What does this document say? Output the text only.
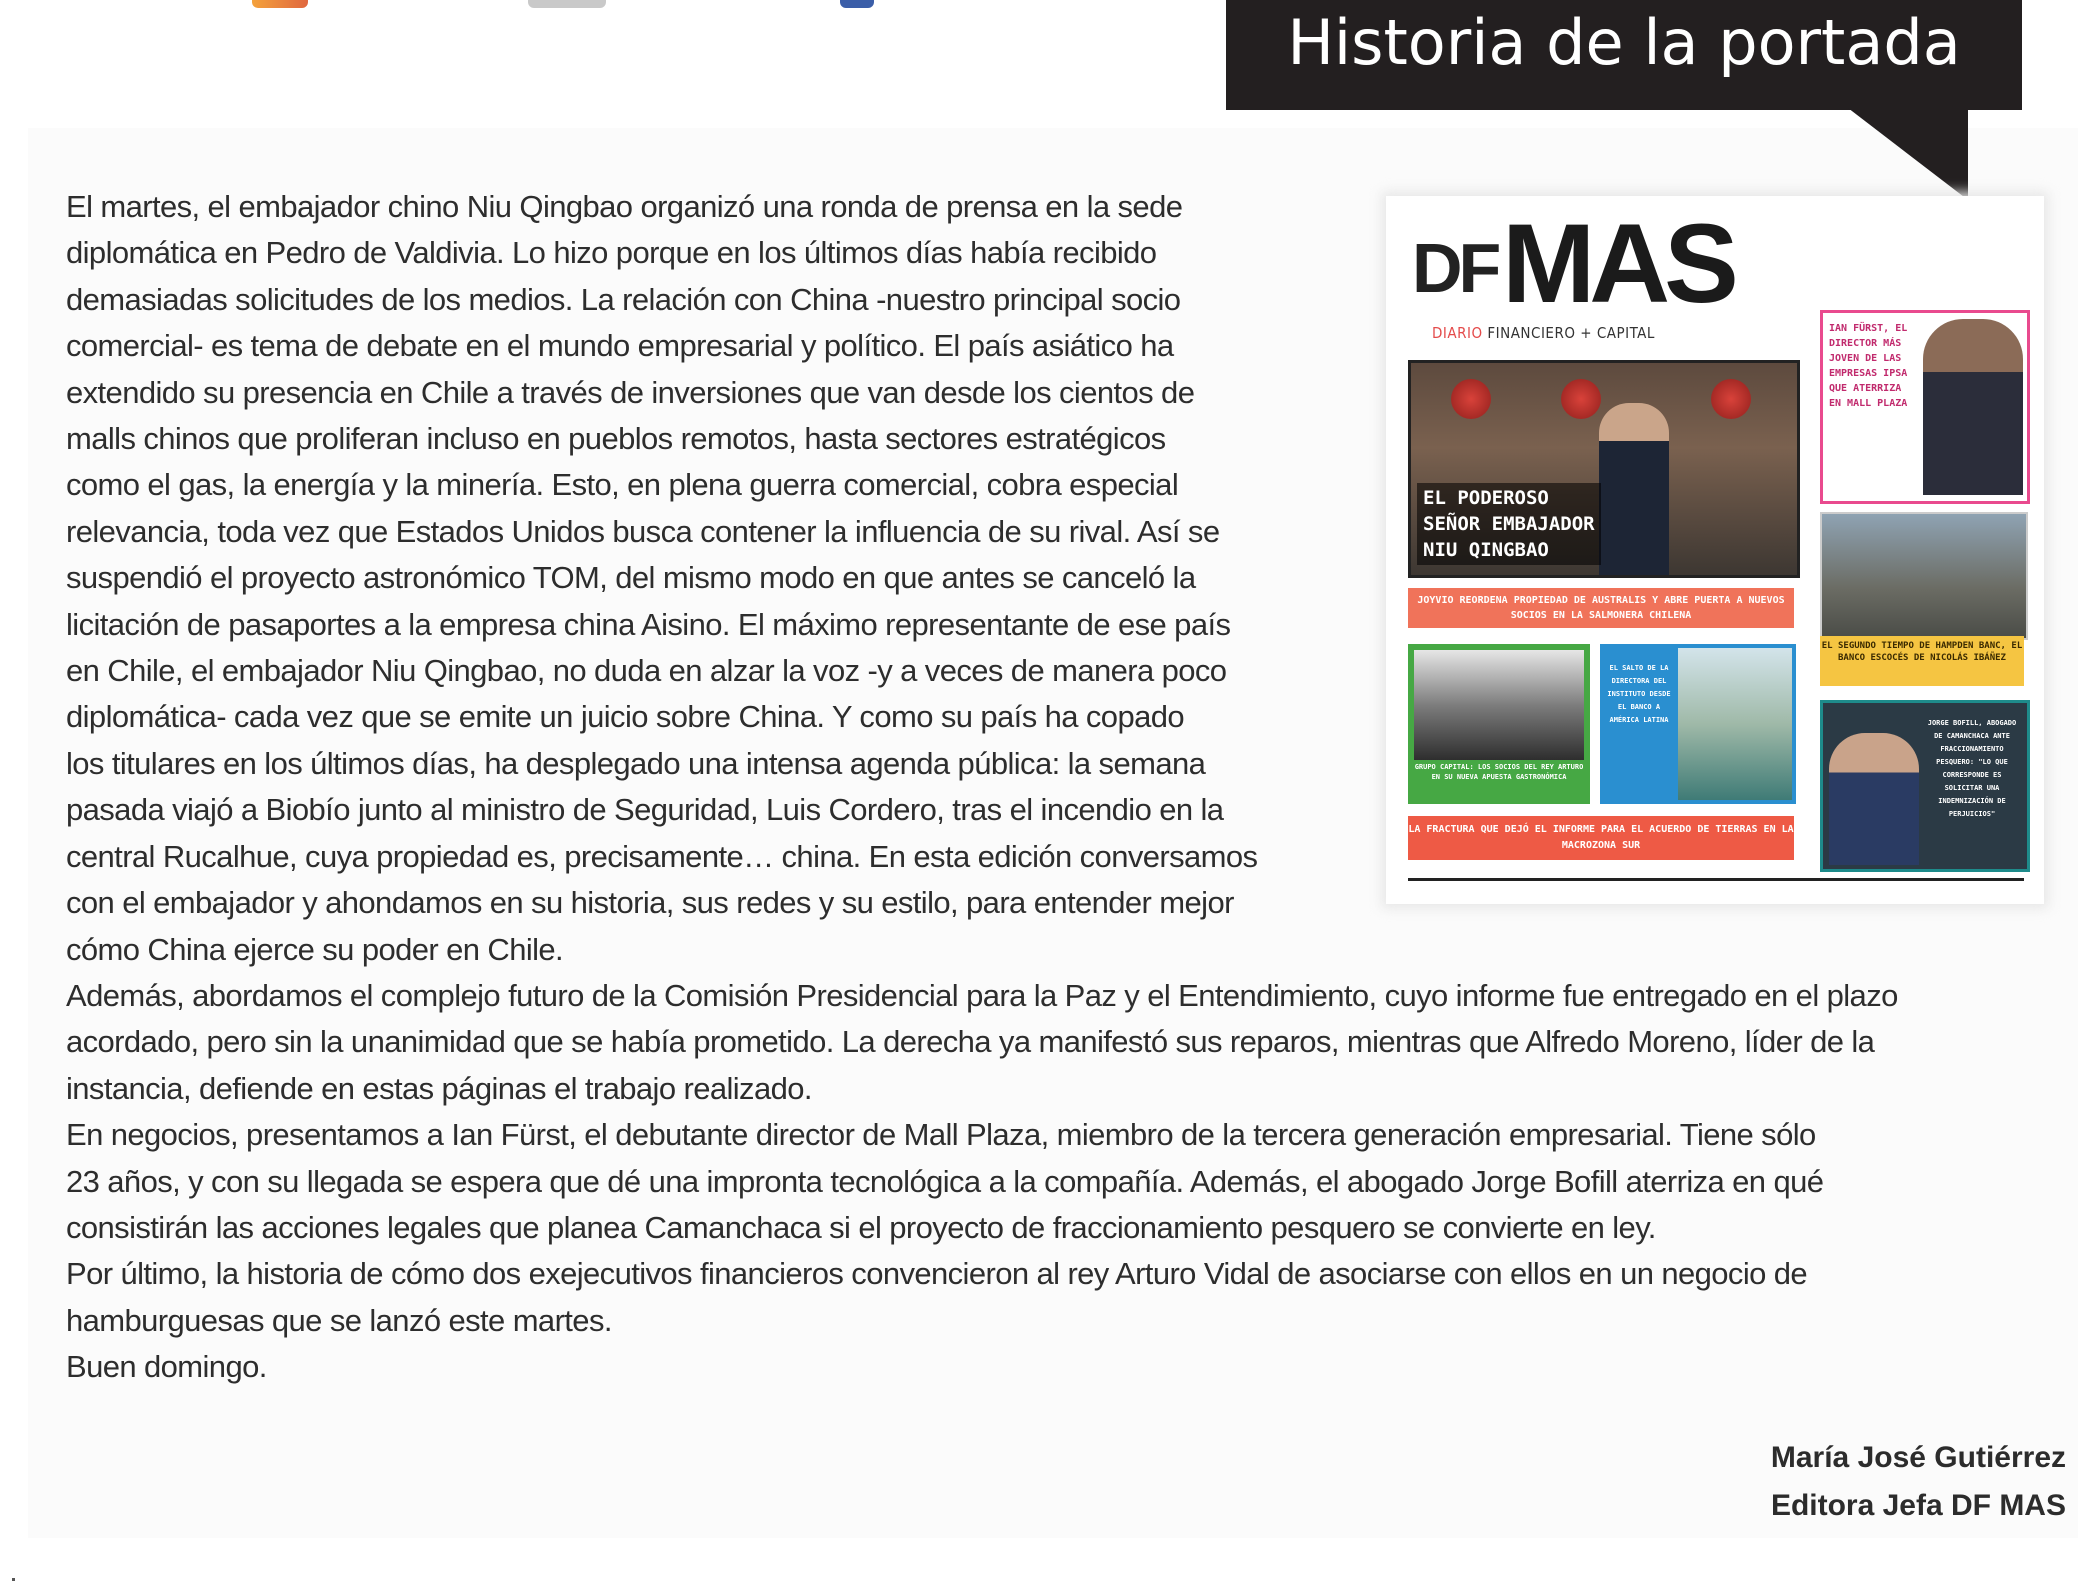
Historia de la portada
El martes, el embajador chino Niu Qingbao organizó una ronda de prensa en la sede
diplomática en Pedro de Valdivia. Lo hizo porque en los últimos días había recibido
demasiadas solicitudes de los medios. La relación con China -nuestro principal socio
comercial- es tema de debate en el mundo empresarial y político. El país asiático ha
extendido su presencia en Chile a través de inversiones que van desde los cientos de
malls chinos que proliferan incluso en pueblos remotos, hasta sectores estratégicos
como el gas, la energía y la minería. Esto, en plena guerra comercial, cobra especial
relevancia, toda vez que Estados Unidos busca contener la influencia de su rival. Así se
suspendió el proyecto astronómico TOM, del mismo modo en que antes se canceló la
licitación de pasaportes a la empresa china Aisino. El máximo representante de ese país
en Chile, el embajador Niu Qingbao, no duda en alzar la voz -y a veces de manera poco
diplomática- cada vez que se emite un juicio sobre China. Y como su país ha copado
los titulares en los últimos días, ha desplegado una intensa agenda pública: la semana
pasada viajó a Biobío junto al ministro de Seguridad, Luis Cordero, tras el incendio en la
central Rucalhue, cuya propiedad es, precisamente… china. En esta edición conversamos
con el embajador y ahondamos en su historia, sus redes y su estilo, para entender mejor
cómo China ejerce su poder en Chile.
Además, abordamos el complejo futuro de la Comisión Presidencial para la Paz y el Entendimiento, cuyo informe fue entregado en el plazo
acordado, pero sin la unanimidad que se había prometido. La derecha ya manifestó sus reparos, mientras que Alfredo Moreno, líder de la
instancia, defiende en estas páginas el trabajo realizado.
En negocios, presentamos a Ian Fürst, el debutante director de Mall Plaza, miembro de la tercera generación empresarial. Tiene sólo
23 años, y con su llegada se espera que dé una impronta tecnológica a la compañía. Además, el abogado Jorge Bofill aterriza en qué
consistirán las acciones legales que planea Camanchaca si el proyecto de fraccionamiento pesquero se convierte en ley.
Por último, la historia de cómo dos exejecutivos financieros convencieron al rey Arturo Vidal de asociarse con ellos en un negocio de
hamburguesas que se lanzó este martes.
Buen domingo.
DF MAS
DIARIO FINANCIERO + CAPITAL
EL PODEROSO
SEÑOR EMBAJADOR
NIU QINGBAO
IAN FÜRST, EL DIRECTOR MÁS JOVEN DE LAS EMPRESAS IPSA QUE ATERRIZA EN MALL PLAZA
EL SEGUNDO TIEMPO DE HAMPDEN BANC, EL BANCO ESCOCÉS DE NICOLÁS IBÁÑEZ
JOYVIO REORDENA PROPIEDAD DE AUSTRALIS Y ABRE PUERTA A NUEVOS SOCIOS EN LA SALMONERA CHILENA
GRUPO CAPITAL: LOS SOCIOS DEL REY ARTURO EN SU NUEVA APUESTA GASTRONÓMICA
EL SALTO DE LA DIRECTORA DEL INSTITUTO DESDE EL BANCO A AMÉRICA LATINA
LA FRACTURA QUE DEJÓ EL INFORME PARA EL ACUERDO DE TIERRAS EN LA MACROZONA SUR
JORGE BOFILL, ABOGADO DE CAMANCHACA ANTE FRACCIONAMIENTO PESQUERO: "LO QUE CORRESPONDE ES SOLICITAR UNA INDEMNIZACIÓN DE PERJUICIOS"
María José Gutiérrez
Editora Jefa DF MAS
